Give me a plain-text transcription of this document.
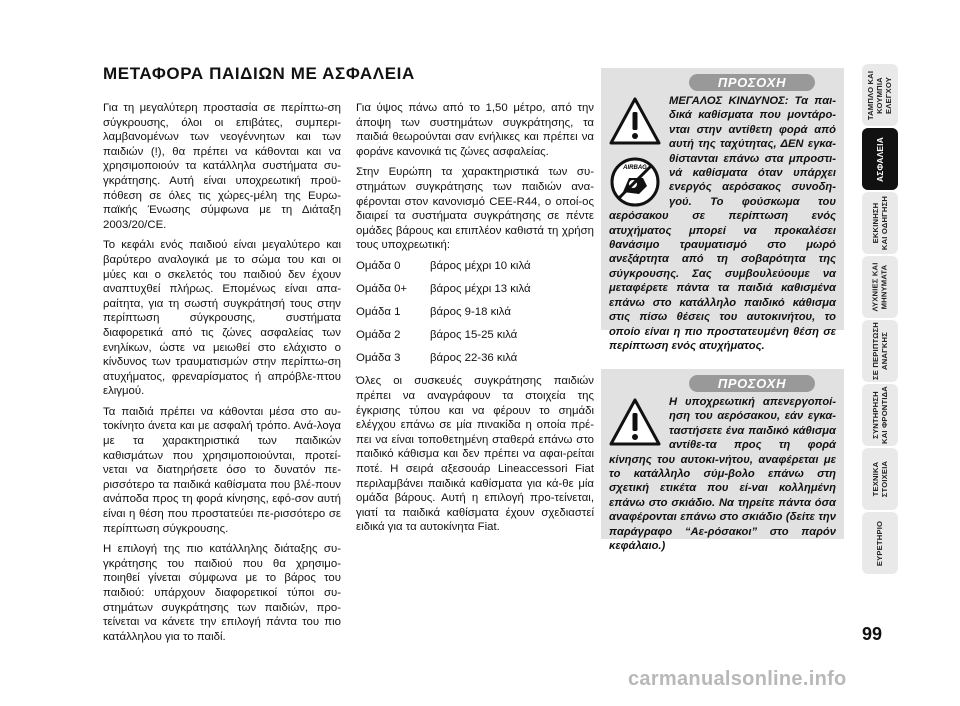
ΜΕΤΑΦΟΡΑ ΠΑΙΔΙΩΝ ΜΕ ΑΣΦΑΛΕΙΑ

Για τη μεγαλύτερη προστασία σε περίπτω-ση σύγκρουσης, όλοι οι επιβάτες, συμπερι-λαμβανομένων των νεογέννητων και των παιδιών (!), θα πρέπει να κάθονται και να χρησιμοποιούν τα κατάλληλα συστήματα συ-γκράτησης. Αυτή είναι υποχρεωτική προϋ-πόθεση σε όλες τις χώρες-μέλη της Ευρω-παϊκής Ένωσης σύμφωνα με τη Διάταξη 2003/20/CE.

Το κεφάλι ενός παιδιού είναι μεγαλύτερο και βαρύτερο αναλογικά με το σώμα του και οι μύες και ο σκελετός του παιδιού δεν έχουν αναπτυχθεί πλήρως. Επομένως είναι απα-ραίτητα, για τη σωστή συγκράτησή τους στην περίπτωση σύγκρουσης, συστήματα διαφορετικά από τις ζώνες ασφαλείας των ενηλίκων, ώστε να μειωθεί στο ελάχιστο ο κίνδυνος των τραυματισμών στην περίπτω-ση ατυχήματος, φρεναρίσματος ή απρόβλε-πτου ελιγμού.

Τα παιδιά πρέπει να κάθονται μέσα στο αυ-τοκίνητο άνετα και με ασφαλή τρόπο. Ανά-λογα με τα χαρακτηριστικά των παιδικών καθισμάτων που χρησιμοποιούνται, προτεί-νεται να διατηρήσετε όσο το δυνατόν πε-ρισσότερο τα παιδικά καθίσματα που βλέ-πουν ανάποδα προς τη φορά κίνησης, εφό-σον αυτή είναι η θέση που προστατεύει πε-ρισσότερο σε περίπτωση σύγκρουσης.

Η επιλογή της πιο κατάλληλης διάταξης συ-γκράτησης του παιδιού που θα χρησιμο-ποιηθεί γίνεται σύμφωνα με το βάρος του παιδιού: υπάρχουν διαφορετικοί τύποι συ-στημάτων συγκράτησης των παιδιών, προ-τείνεται να κάνετε την επιλογή πάντα του πιο κατάλληλου για το παιδί.

Για ύψος πάνω από το 1,50 μέτρο, από την άποψη των συστημάτων συγκράτησης, τα παιδιά θεωρούνται σαν ενήλικες και πρέπει να φοράνε κανονικά τις ζώνες ασφαλείας.

Στην Ευρώπη τα χαρακτηριστικά των συ-στημάτων συγκράτησης των παιδιών ανα-φέρονται στον κανονισμό CEE-R44, ο οποί-ος διαιρεί τα συστήματα συγκράτησης σε πέντε ομάδες βάρους και επιπλέον καθιστά τη χρήση τους υποχρεωτική:

Ομάδα 0	βάρος μέχρι 10 κιλά
Ομάδα 0+	βάρος μέχρι 13 κιλά
Ομάδα 1	βάρος 9-18 κιλά
Ομάδα 2	βάρος 15-25 κιλά
Ομάδα 3	βάρος 22-36 κιλά

Όλες οι συσκευές συγκράτησης παιδιών πρέπει να αναγράφουν τα στοιχεία της έγκρισης τύπου και να φέρουν το σημάδι ελέγχου επάνω σε μία πινακίδα η οποία πρέ-πει να είναι τοποθετημένη σταθερά επάνω στο παιδικό κάθισμα και δεν πρέπει να αφαι-ρείται ποτέ. Η σειρά αξεσουάρ Lineaccessori Fiat περιλαμβάνει παιδικά καθίσματα για κά-θε μία ομάδα βάρους. Αυτή η επιλογή προ-τείνεται, γιατί τα παιδικά καθίσματα έχουν σχεδιαστεί ειδικά για τα αυτοκίνητα Fiat.

ΠΡΟΣΟΧΗ
AIRBAG
ΜΕΓΑΛΟΣ ΚΙΝΔΥΝΟΣ: Τα παι-δικά καθίσματα που μοντάρο-νται στην αντίθετη φορά από αυτή της ταχύτητας, ΔΕΝ εγκα-θίστανται επάνω στα μπροστι-νά καθίσματα όταν υπάρχει ενεργός αερόσακος συνοδη-γού. Το φούσκωμα του αερόσακου σε περίπτωση ενός ατυχήματος μπορεί να προκαλέσει θανάσιμο τραυματισμό στο μωρό ανεξάρτητα από τη σοβαρότητα της σύγκρουσης. Σας συμβουλεύουμε να μεταφέρετε πάντα τα παιδιά καθισμένα επάνω στο κατάλληλο παιδικό κάθισμα στις πίσω θέσεις του αυτοκινήτου, το οποίο είναι η πιο προστατευμένη θέση σε περίπτωση ενός ατυχήματος.
ΠΡΟΣΟΧΗ
Η υποχρεωτική απενεργοποί-ηση του αερόσακου, εάν εγκα-ταστήσετε ένα παιδικό κάθισμα αντίθε-τα προς τη φορά κίνησης του αυτοκι-νήτου, αναφέρεται με το κατάλληλο σύμ-βολο επάνω στη σχετική ετικέτα που εί-ναι κολλημένη επάνω στο σκιάδιο. Να τηρείτε πάντα όσα αναφέρονται επάνω στο σκιάδιο (δείτε την παράγραφο “Αε-ρόσακοι” στο παρόν κεφάλαιο.)
ΤΑΜΠΛΟ ΚΑΙ
ΚΟΥΜΠΙΑ
ΕΛΕΓΧΟΥ
ΑΣΦΑΛΕΙΑ
ΕΚΚΙΝΗΣΗ
ΚΑΙ ΟΔΗΓΗΣΗ
ΛΥΧΝΙΕΣ ΚΑΙ
ΜΗΝΥΜΑΤΑ
ΣΕ ΠΕΡΙΠΤΩΣΗ
ΑΝΑΓΚΗΣ
ΣΥΝΤΗΡΗΣΗ
ΚΑΙ ΦΡΟΝΤΙΔΑ
ΤΕΧΝΙΚΑ
ΣΤΟΙΧΕΙΑ
ΕΥΡΕΤΗΡΙΟ
99
carmanualsonline.info
